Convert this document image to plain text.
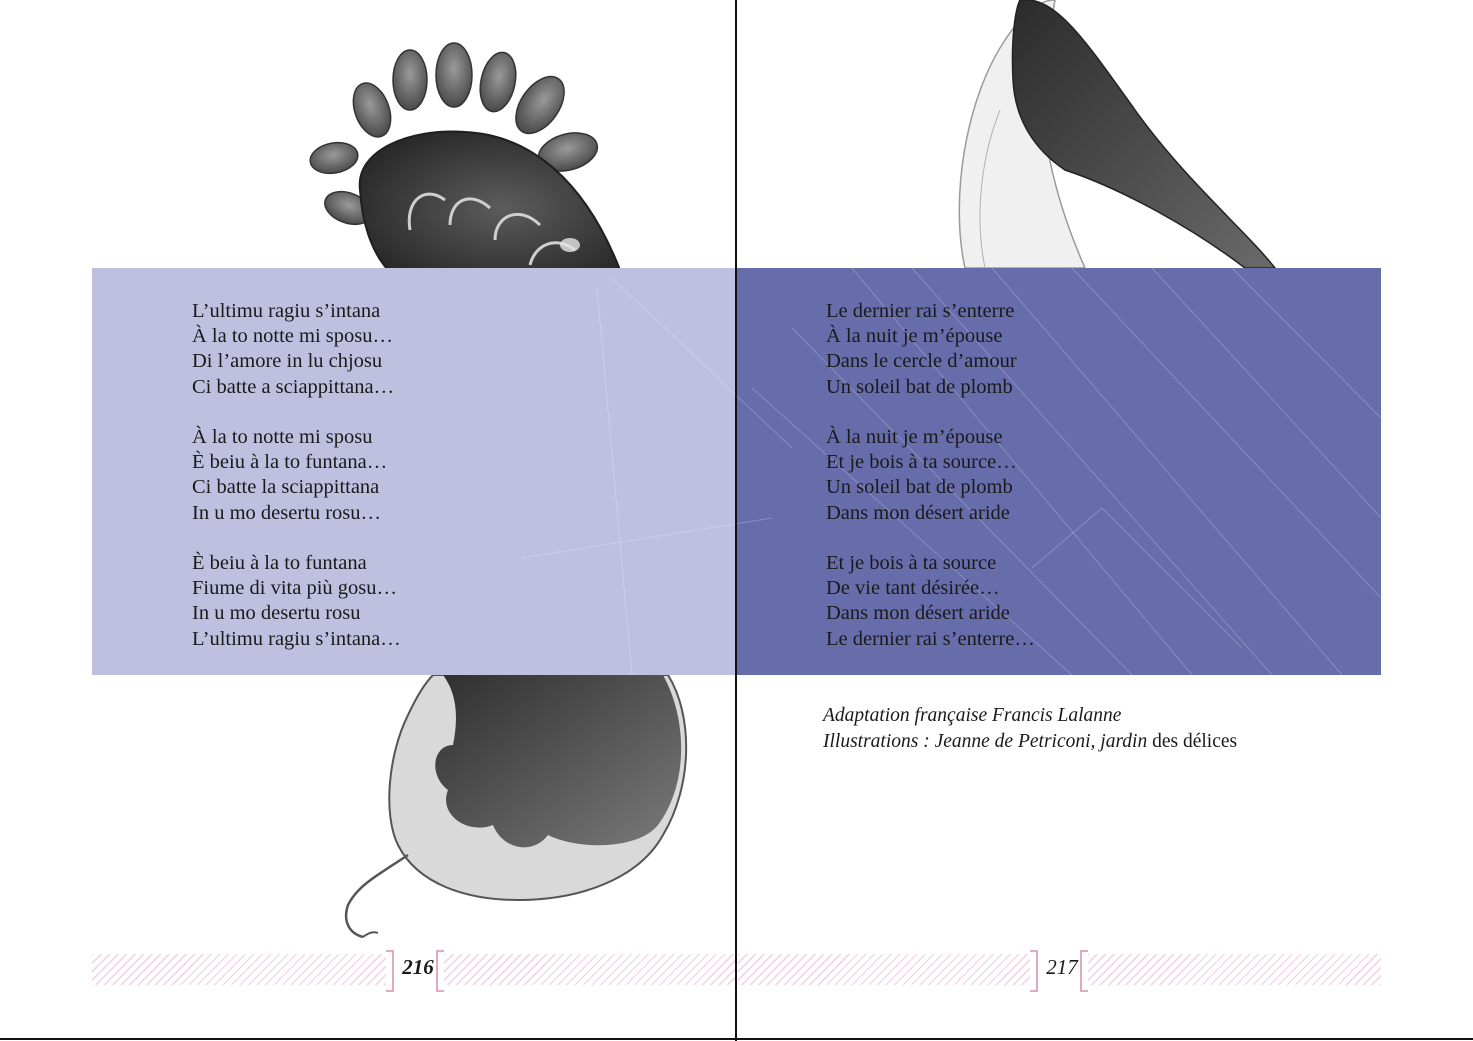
L’ultimu ragiu s’intana
À la to notte mi sposu…
Di l’amore in lu chjosu
Ci batte a sciappittana…
À la to notte mi sposu
È beiu à la to funtana…
Ci batte la sciappittana
In u mo desertu rosu…
È beiu à la to funtana
Fiume di vita più gosu…
In u mo desertu rosu
L’ultimu ragiu s’intana…
Le dernier rai s’enterre
À la nuit je m’épouse
Dans le cercle d’amour
Un soleil bat de plomb
À la nuit je m’épouse
Et je bois à ta source…
Un soleil bat de plomb
Dans mon désert aride
Et je bois à ta source
De vie tant désirée…
Dans mon désert aride
Le dernier rai s’enterre…
Adaptation française Francis Lalanne
Illustrations : Jeanne de Petriconi, jardin des délices
216	217
